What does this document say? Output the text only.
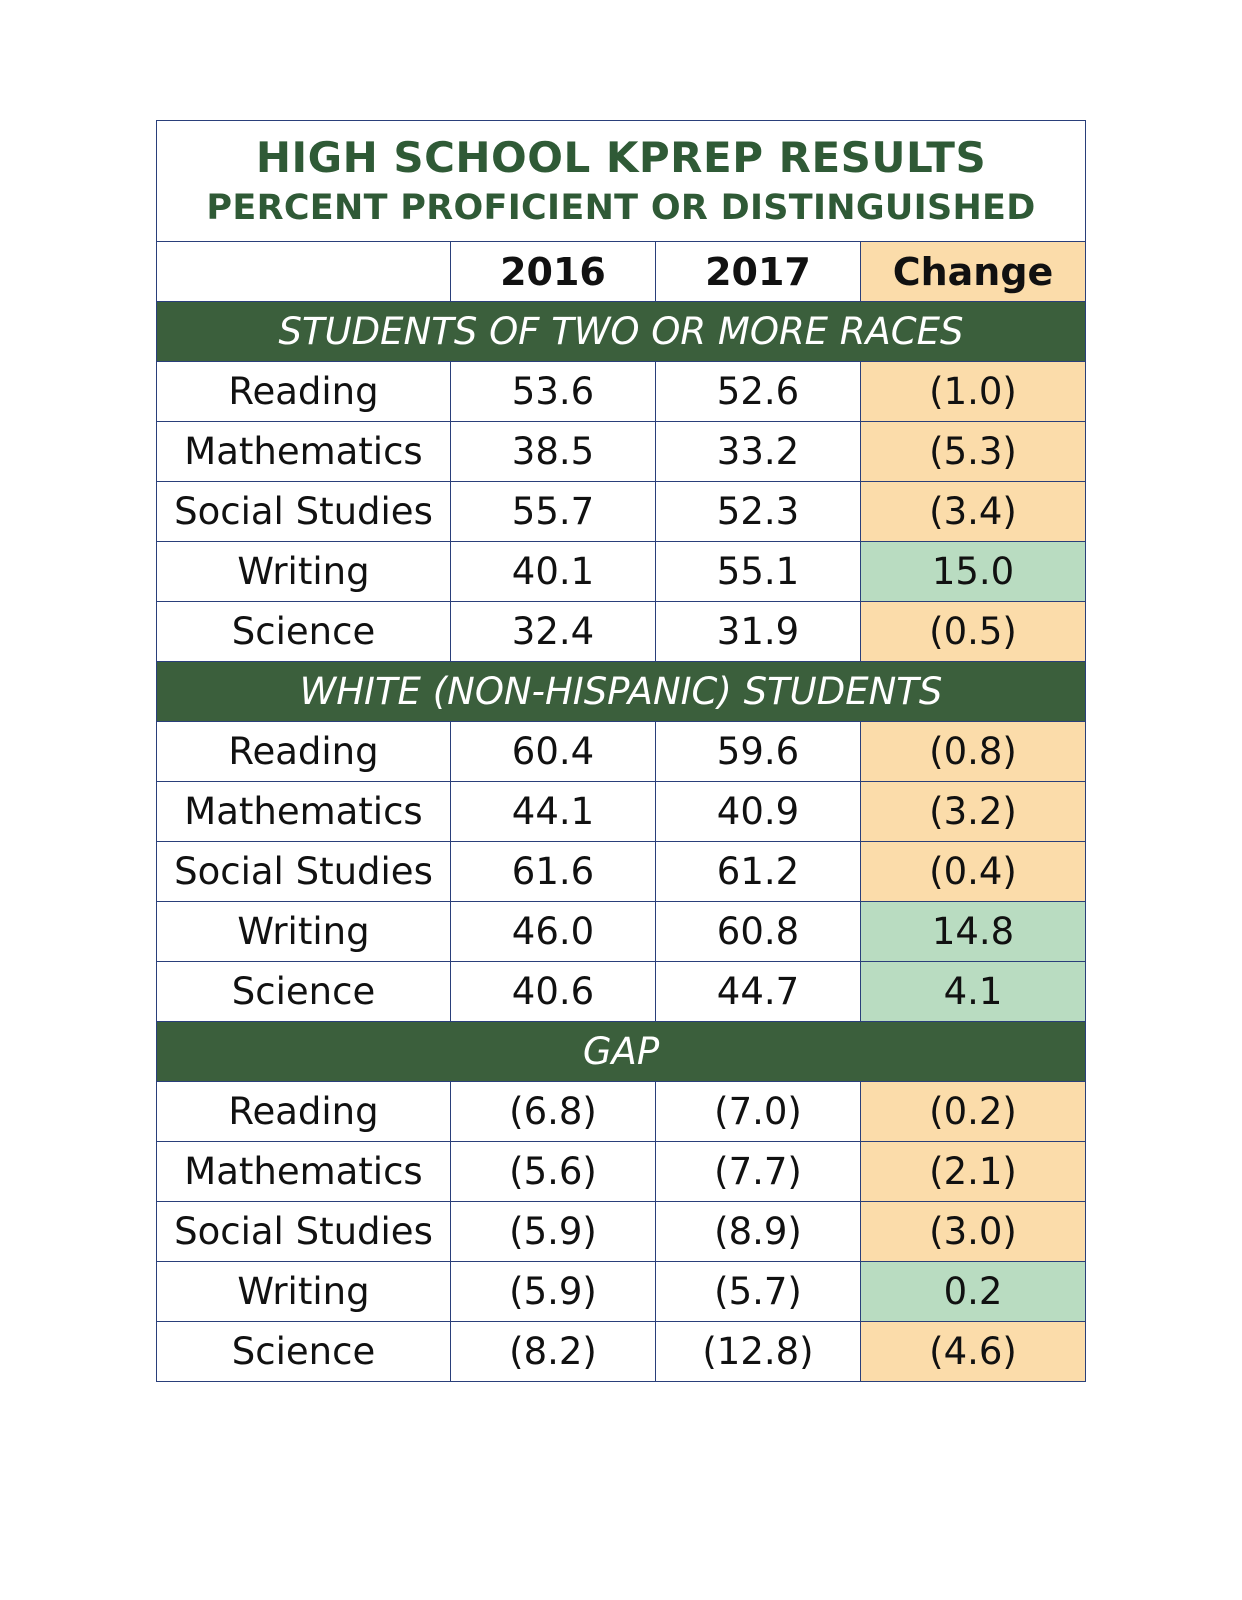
HIGH SCHOOL KPREP RESULTS
PERCENT PROFICIENT OR DISTINGUISHED			

	2016	2017	Change
STUDENTS OF TWO OR MORE RACES			
Reading	53.6	52.6	(1.0)
Mathematics	38.5	33.2	(5.3)
Social Studies	55.7	52.3	(3.4)
Writing	40.1	55.1	15.0
Science	32.4	31.9	(0.5)
WHITE (NON-HISPANIC) STUDENTS			
Reading	60.4	59.6	(0.8)
Mathematics	44.1	40.9	(3.2)
Social Studies	61.6	61.2	(0.4)
Writing	46.0	60.8	14.8
Science	40.6	44.7	4.1
GAP			
Reading	(6.8)	(7.0)	(0.2)
Mathematics	(5.6)	(7.7)	(2.1)
Social Studies	(5.9)	(8.9)	(3.0)
Writing	(5.9)	(5.7)	0.2
Science	(8.2)	(12.8)	(4.6)
